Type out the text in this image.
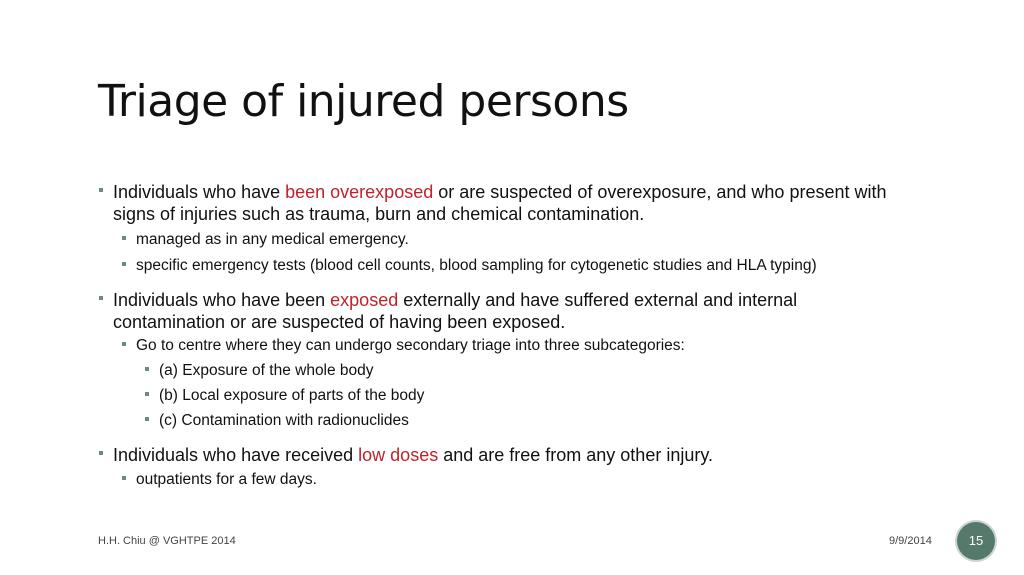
Triage of injured persons
Individuals who have been overexposed or are suspected of overexposure, and who present with signs of injuries such as trauma, burn and chemical contamination.
managed as in any medical emergency.
specific emergency tests (blood cell counts, blood sampling for cytogenetic studies and HLA typing)
Individuals who have been exposed externally and have suffered external and internal contamination or are suspected of having been exposed.
Go to centre where they can undergo secondary triage into three subcategories:
(a) Exposure of the whole body
(b) Local exposure of parts of the body
(c) Contamination with radionuclides
Individuals who have received low doses and are free from any other injury.
outpatients for a few days.
H.H. Chiu @ VGHTPE 2014	9/9/2014	15
